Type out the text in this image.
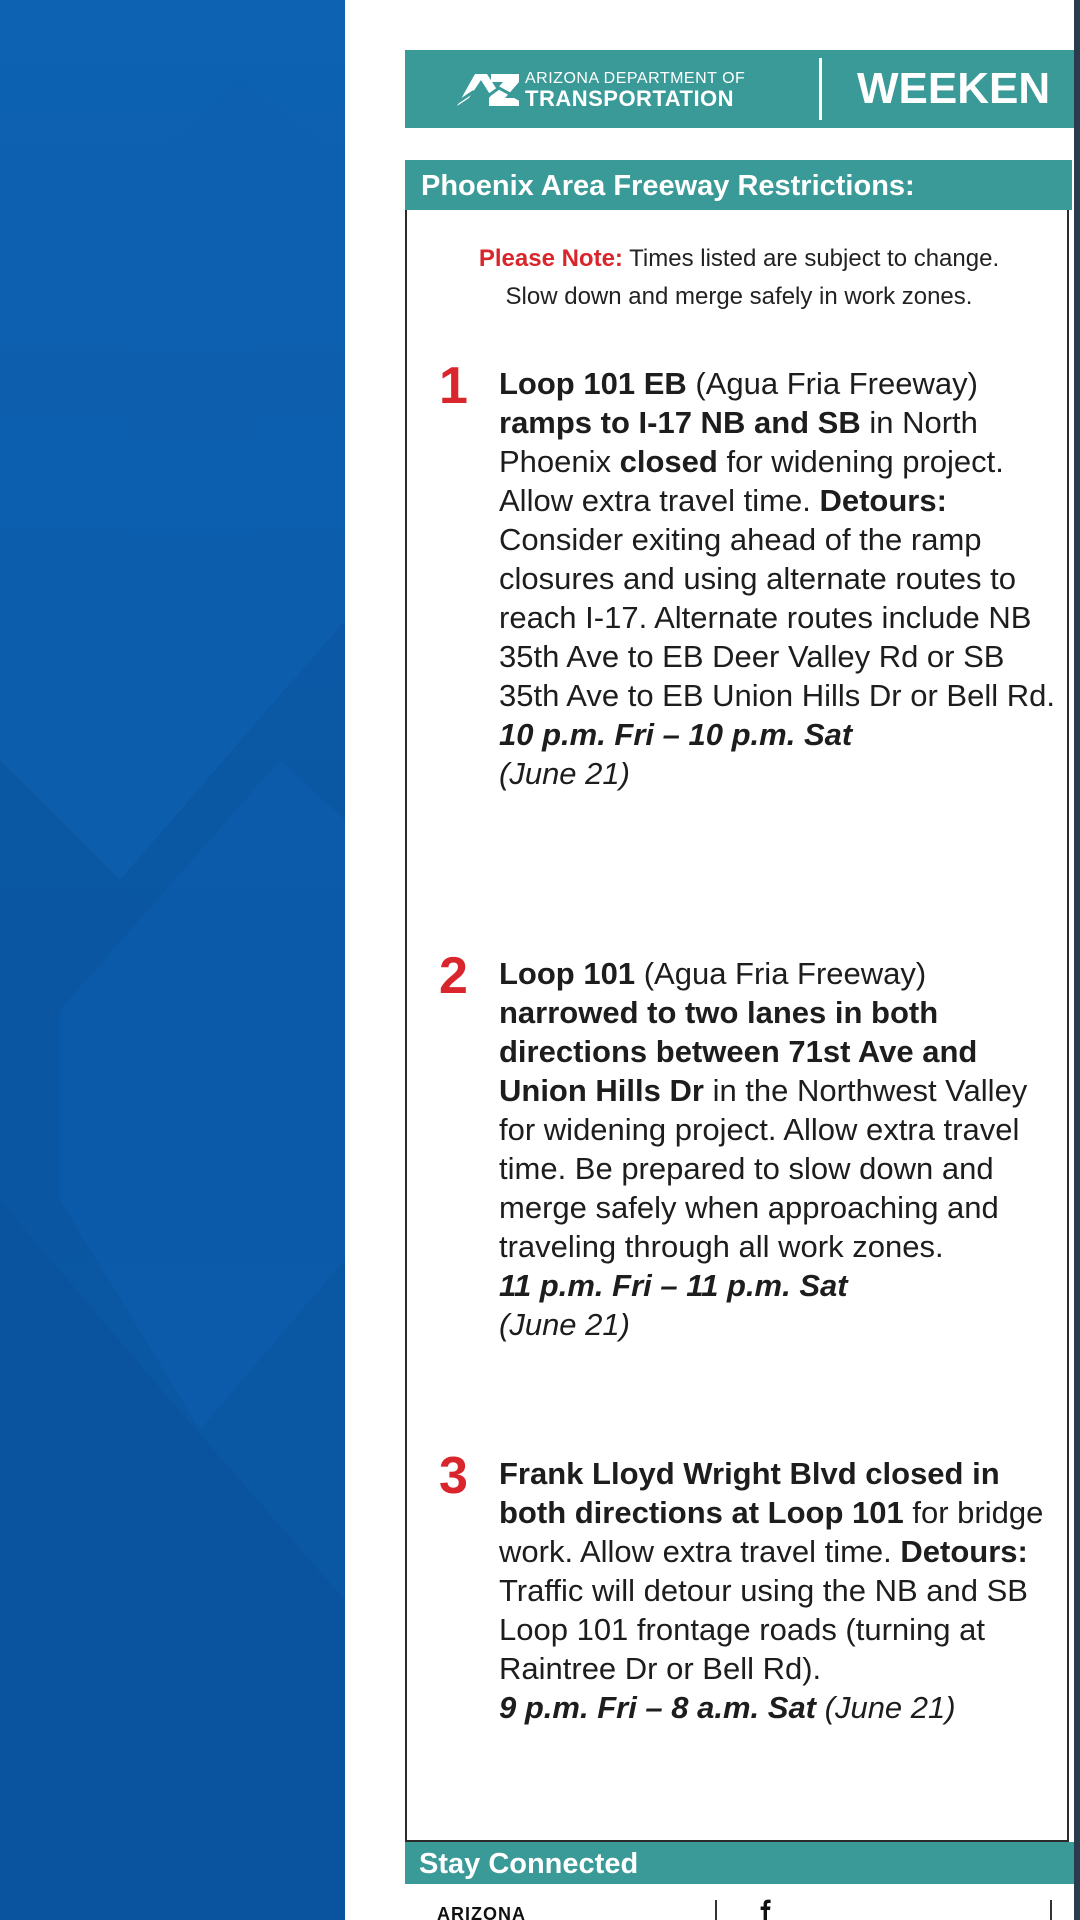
ARIZONA DEPARTMENT OF
TRANSPORTATION	WEEKEN
Phoenix Area Freeway Restrictions:
Please Note: Times listed are subject to change.
Slow down and merge safely in work zones.
1 Loop 101 EB (Agua Fria Freeway) ramps to I-17 NB and SB in North Phoenix closed for widening project. Allow extra travel time. Detours: Consider exiting ahead of the ramp closures and using alternate routes to reach I-17. Alternate routes include NB 35th Ave to EB Deer Valley Rd or SB 35th Ave to EB Union Hills Dr or Bell Rd.
10 p.m. Fri – 10 p.m. Sat
(June 21)
2 Loop 101 (Agua Fria Freeway) narrowed to two lanes in both directions between 71st Ave and Union Hills Dr in the Northwest Valley for widening project. Allow extra travel time. Be prepared to slow down and merge safely when approaching and traveling through all work zones.
11 p.m. Fri – 11 p.m. Sat
(June 21)
3 Frank Lloyd Wright Blvd closed in both directions at Loop 101 for bridge work. Allow extra travel time. Detours: Traffic will detour using the NB and SB Loop 101 frontage roads (turning at Raintree Dr or Bell Rd).
9 p.m. Fri – 8 a.m. Sat (June 21)
Stay Connected
ARIZONA
